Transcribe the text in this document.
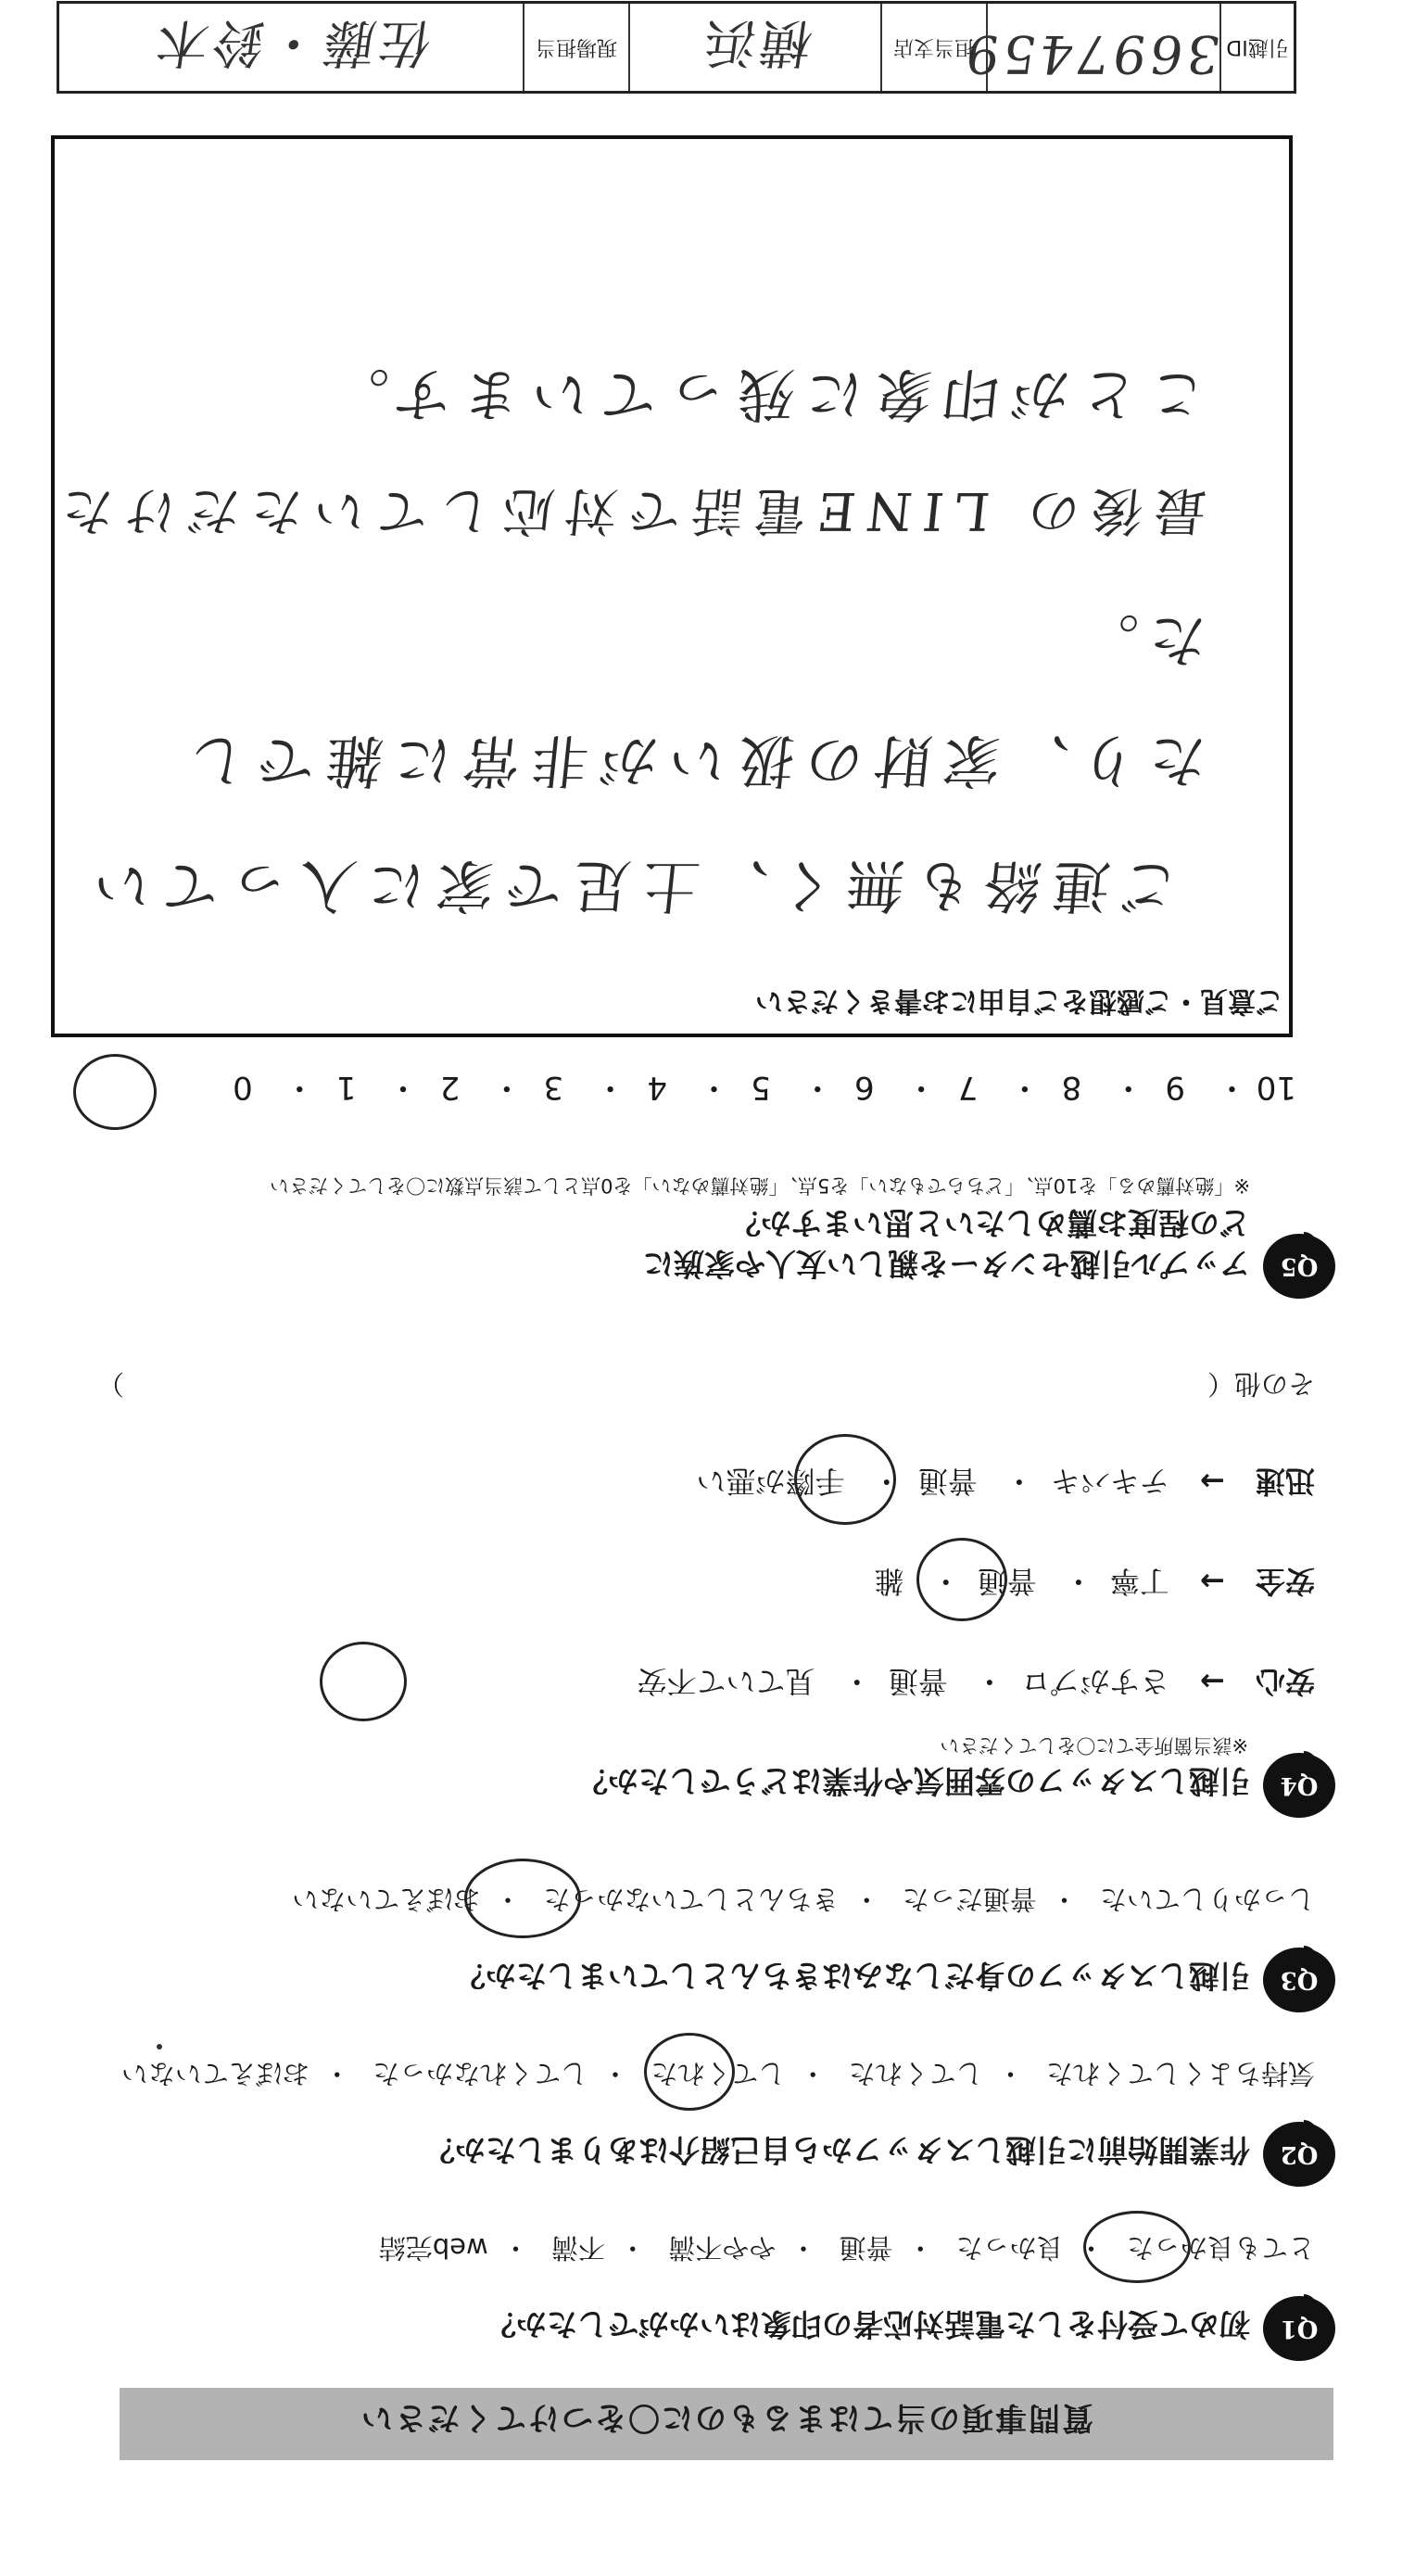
質問事項の当てはまるものに〇をつけてください
Q1
初めて受付をした電話対応者の印象はいかがでしたか？
とても良かった・ 良かった・ 普通・ やや不満・ 不満・ web完結
Q2
作業開始前に引越しスタッフから自己紹介はありましたか？
気持ちよくしてくれた・ してくれた・ してくれた・ してくれなかった・ おぼえていない
Q3
引越しスタッフの身だしなみはきちんとしていましたか？
しっかりしていた・ 普通だった・ きちんとしていなかった・ おぼえていない
Q4
引越しスタッフの雰囲気や作業はどうでしたか？
※該当箇所全てに〇をしてください
安心 → さすがプロ・ 普通・ 見ていて不安
安全 → 丁寧・ 普通・ 雑
迅速 → テキパキ・ 普通・ 手際が悪い
その他（
）
Q5
アップル引越センターを親しい友人や家族に
どの程度お薦めしたいと思いますか？
※「絶対薦める」を10点、「どちらでもない」を5点、「絶対薦めない」を0点として該当点数に〇をしてください
10・ 9・ 8・ 7・ 6・ 5・ 4・ 3・ 2・ 1・ 0
ご意見・ご感想をご自由にお書きください
ご連絡も無く、土足で家に入ってい
たり、家財の扱いが非常に雑でし
た。
最後の LINE電話で対応していただけた
ことが印象に残っています。
引越ID
3697459
担当支店
横浜
現場担当
佐藤・鈴木
